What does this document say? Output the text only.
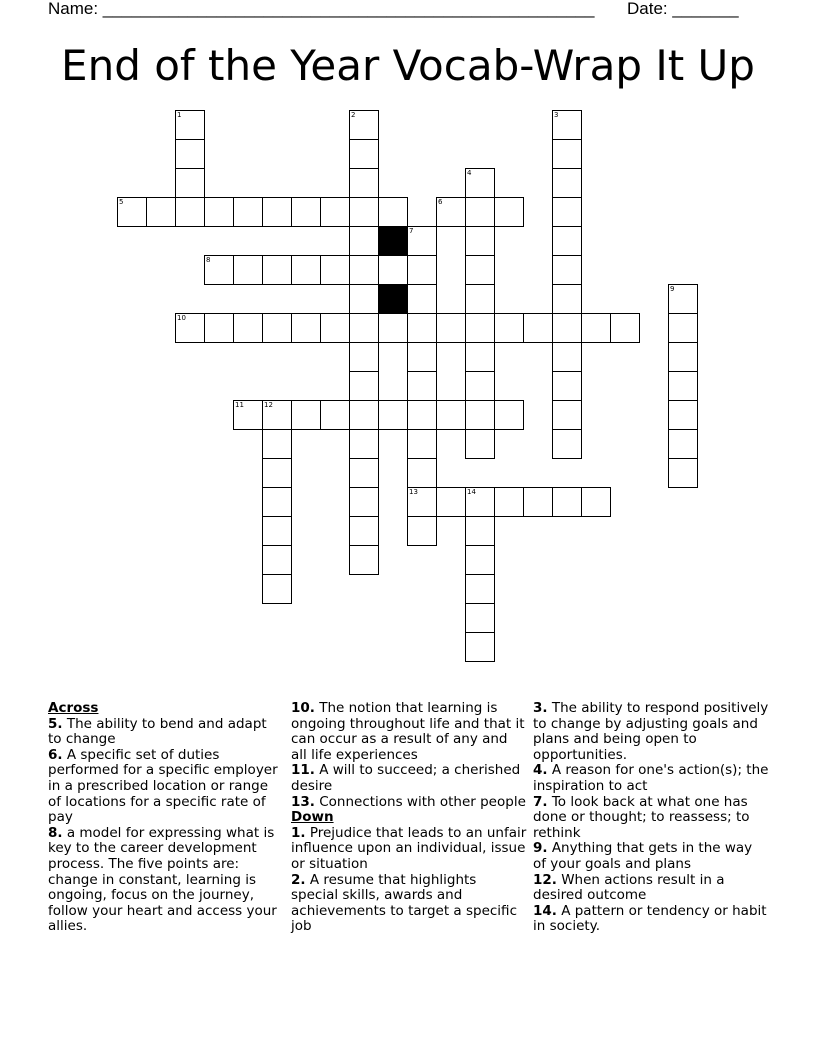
Name: ____________________________________________________ Date: _______
End of the Year Vocab-Wrap It Up
1	2	3
4
5	6
7
13
8
9
10
11	12
14

Across

5. The ability to bend and adapt to change

6. A specific set of duties performed for a specific employer in a prescribed location or range of locations for a specific rate of pay

8. a model for expressing what is key to the career development process. The five points are: change in constant, learning is ongoing, focus on the journey, follow your heart and access your allies.

10. The notion that learning is ongoing throughout life and that it can occur as a result of any and all life experiences

11. A will to succeed; a cherished desire

13. Connections with other people

Down

1. Prejudice that leads to an unfair influence upon an individual, issue or situation

2. A resume that highlights special skills, awards and achievements to target a specific job

3. The ability to respond positively to change by adjusting goals and plans and being open to opportunities.

4. A reason for one's action(s); the inspiration to act

7. To look back at what one has done or thought; to reassess; to rethink

9. Anything that gets in the way of your goals and plans

12. When actions result in a desired outcome

14. A pattern or tendency or habit in society.
